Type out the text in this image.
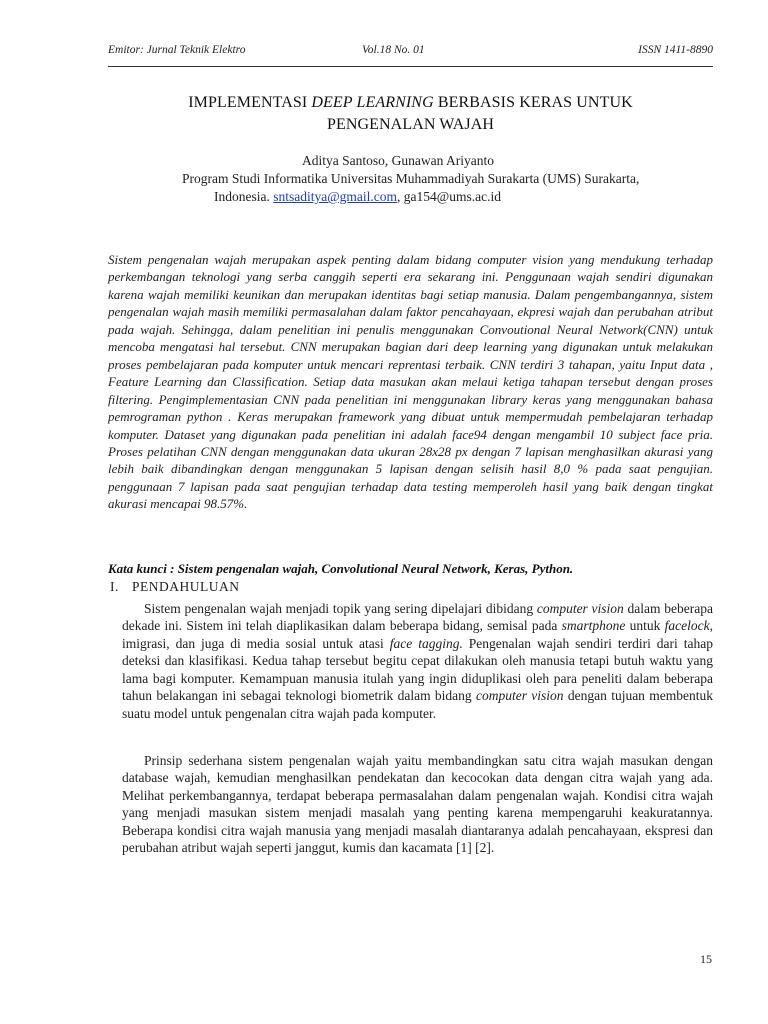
Emitor: Jurnal Teknik Elektro	Vol.18 No. 01	ISSN 1411-8890
IMPLEMENTASI DEEP LEARNING BERBASIS KERAS UNTUK
PENGENALAN WAJAH
Aditya Santoso, Gunawan Ariyanto
Program Studi Informatika Universitas Muhammadiyah Surakarta (UMS) Surakarta,
Indonesia. sntsaditya@gmail.com, ga154@ums.ac.id

Sistem pengenalan wajah merupakan aspek penting dalam bidang computer vision yang mendukung terhadap perkembangan teknologi yang serba canggih seperti era sekarang ini. Penggunaan wajah sendiri digunakan karena wajah memiliki keunikan dan merupakan identitas bagi setiap manusia. Dalam pengembangannya, sistem pengenalan wajah masih memiliki permasalahan dalam faktor pencahayaan, ekpresi wajah dan perubahan atribut pada wajah. Sehingga, dalam penelitian ini penulis menggunakan Convoutional Neural Network(CNN) untuk mencoba mengatasi hal tersebut. CNN merupakan bagian dari deep learning yang digunakan untuk melakukan proses pembelajaran pada komputer untuk mencari reprentasi terbaik. CNN terdiri 3 tahapan, yaitu Input data , Feature Learning dan Classification. Setiap data masukan akan melaui ketiga tahapan tersebut dengan proses filtering. Pengimplementasian CNN pada penelitian ini menggunakan library keras yang menggunakan bahasa pemrograman python . Keras merupakan framework yang dibuat untuk mempermudah pembelajaran terhadap komputer. Dataset yang digunakan pada penelitian ini adalah face94 dengan mengambil 10 subject face pria. Proses pelatihan CNN dengan menggunakan data ukuran 28x28 px dengan 7 lapisan menghasilkan akurasi yang lebih baik dibandingkan dengan menggunakan 5 lapisan dengan selisih hasil 8,0 % pada saat pengujian. penggunaan 7 lapisan pada saat pengujian terhadap data testing memperoleh hasil yang baik dengan tingkat akurasi mencapai 98.57%.

Kata kunci : Sistem pengenalan wajah, Convolutional Neural Network, Keras, Python.
I. PENDAHULUAN

Sistem pengenalan wajah menjadi topik yang sering dipelajari dibidang computer vision dalam beberapa dekade ini. Sistem ini telah diaplikasikan dalam beberapa bidang, semisal pada smartphone untuk facelock, imigrasi, dan juga di media sosial untuk atasi face tagging. Pengenalan wajah sendiri terdiri dari tahap deteksi dan klasifikasi. Kedua tahap tersebut begitu cepat dilakukan oleh manusia tetapi butuh waktu yang lama bagi komputer. Kemampuan manusia itulah yang ingin diduplikasi oleh para peneliti dalam beberapa tahun belakangan ini sebagai teknologi biometrik dalam bidang computer vision dengan tujuan membentuk suatu model untuk pengenalan citra wajah pada komputer.

Prinsip sederhana sistem pengenalan wajah yaitu membandingkan satu citra wajah masukan dengan database wajah, kemudian menghasilkan pendekatan dan kecocokan data dengan citra wajah yang ada. Melihat perkembangannya, terdapat beberapa permasalahan dalam pengenalan wajah. Kondisi citra wajah yang menjadi masukan sistem menjadi masalah yang penting karena mempengaruhi keakuratannya. Beberapa kondisi citra wajah manusia yang menjadi masalah diantaranya adalah pencahayaan, ekspresi dan perubahan atribut wajah seperti janggut, kumis dan kacamata [1] [2].

15
